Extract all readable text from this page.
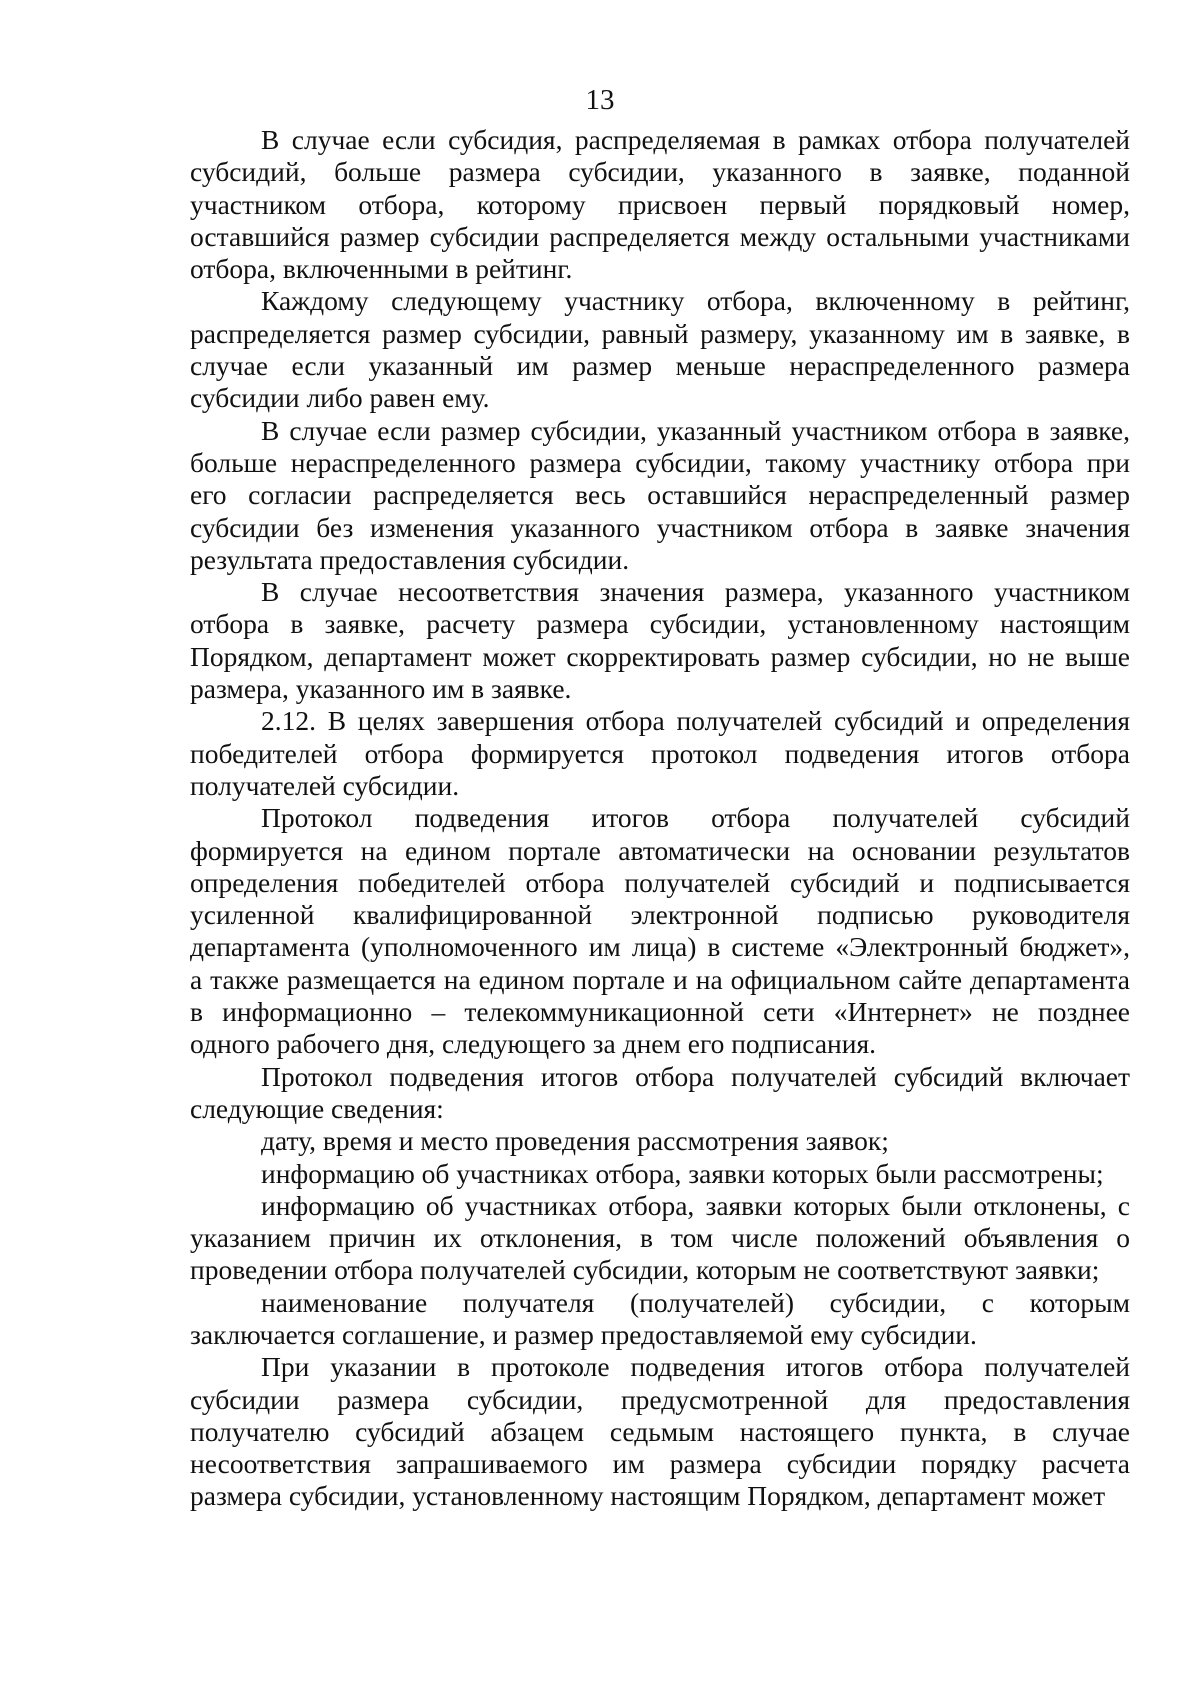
13
В случае если субсидия, распределяемая в рамках отбора получателей
субсидий, больше размера субсидии, указанного в заявке, поданной
участником отбора, которому присвоен первый порядковый номер,
оставшийся размер субсидии распределяется между остальными участниками
отбора, включенными в рейтинг.
Каждому следующему участнику отбора, включенному в рейтинг,
распределяется размер субсидии, равный размеру, указанному им в заявке, в
случае если указанный им размер меньше нераспределенного размера
субсидии либо равен ему.
В случае если размер субсидии, указанный участником отбора в заявке,
больше нераспределенного размера субсидии, такому участнику отбора при
его согласии распределяется весь оставшийся нераспределенный размер
субсидии без изменения указанного участником отбора в заявке значения
результата предоставления субсидии.
В случае несоответствия значения размера, указанного участником
отбора в заявке, расчету размера субсидии, установленному настоящим
Порядком, департамент может скорректировать размер субсидии, но не выше
размера, указанного им в заявке.
2.12. В целях завершения отбора получателей субсидий и определения
победителей отбора формируется протокол подведения итогов отбора
получателей субсидии.
Протокол подведения итогов отбора получателей субсидий
формируется на едином портале автоматически на основании результатов
определения победителей отбора получателей субсидий и подписывается
усиленной квалифицированной электронной подписью руководителя
департамента (уполномоченного им лица) в системе «Электронный бюджет»,
а также размещается на едином портале и на официальном сайте департамента
в информационно – телекоммуникационной сети «Интернет» не позднее
одного рабочего дня, следующего за днем его подписания.
Протокол подведения итогов отбора получателей субсидий включает
следующие сведения:
дату, время и место проведения рассмотрения заявок;
информацию об участниках отбора, заявки которых были рассмотрены;
информацию об участниках отбора, заявки которых были отклонены, с
указанием причин их отклонения, в том числе положений объявления о
проведении отбора получателей субсидии, которым не соответствуют заявки;
наименование получателя (получателей) субсидии, с которым
заключается соглашение, и размер предоставляемой ему субсидии.
При указании в протоколе подведения итогов отбора получателей
субсидии размера субсидии, предусмотренной для предоставления
получателю субсидий абзацем седьмым настоящего пункта, в случае
несоответствия запрашиваемого им размера субсидии порядку расчета
размера субсидии, установленному настоящим Порядком, департамент может
